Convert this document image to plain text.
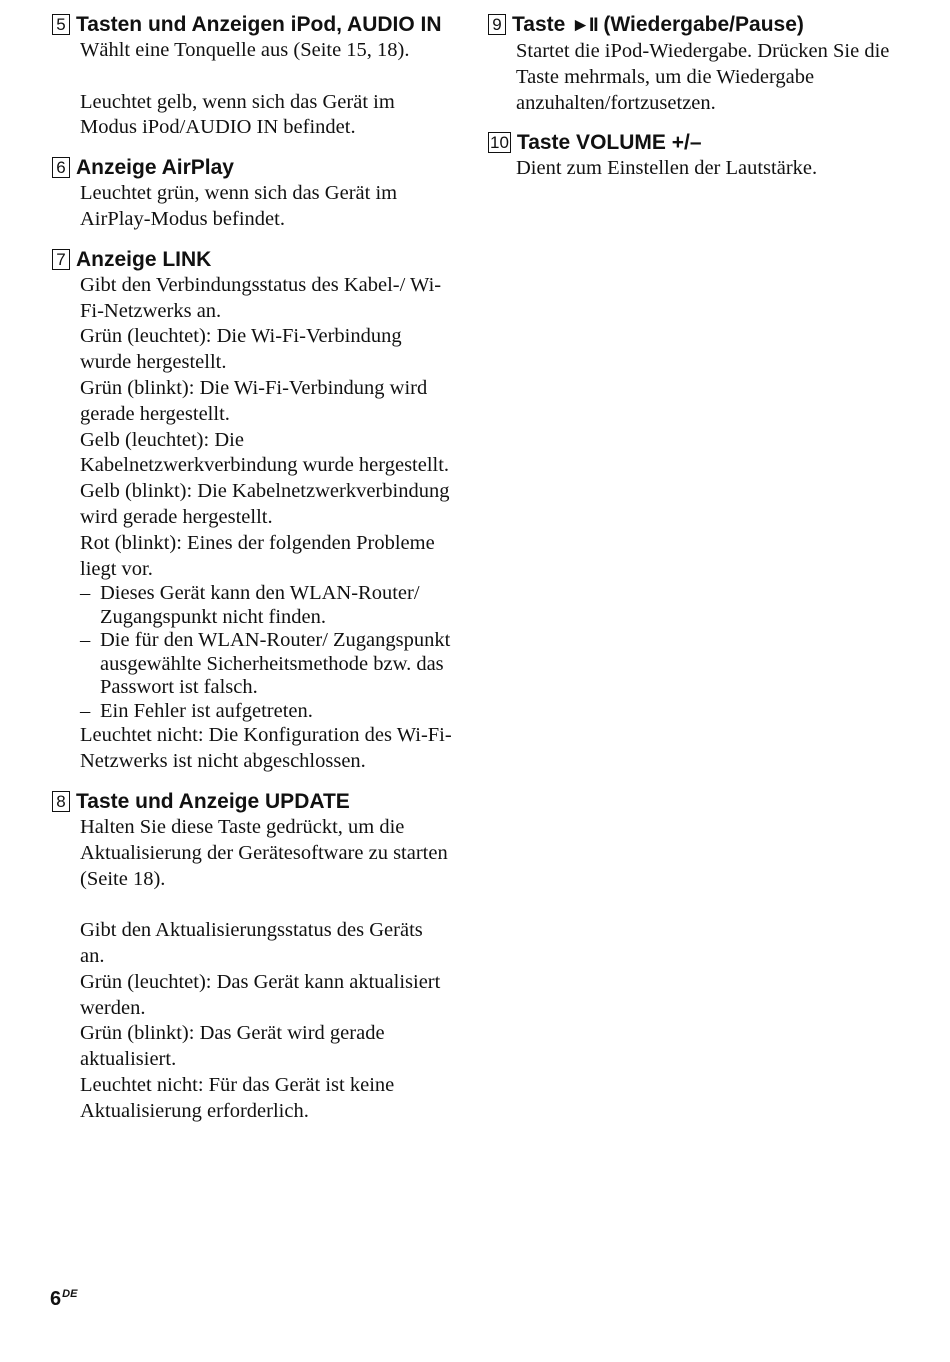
5 Tasten und Anzeigen iPod, AUDIO IN

Wählt eine Tonquelle aus (Seite 15, 18).

Leuchtet gelb, wenn sich das Gerät im Modus iPod/AUDIO IN befindet.

6 Anzeige AirPlay

Leuchtet grün, wenn sich das Gerät im AirPlay-Modus befindet.

7 Anzeige LINK

Gibt den Verbindungsstatus des Kabel-/ Wi-Fi-Netzwerks an.

Grün (leuchtet): Die Wi-Fi-Verbindung wurde hergestellt.

Grün (blinkt): Die Wi-Fi-Verbindung wird gerade hergestellt.

Gelb (leuchtet): Die Kabelnetzwerkverbindung wurde hergestellt.

Gelb (blinkt): Die Kabelnetzwerkverbindung wird gerade hergestellt.

Rot (blinkt): Eines der folgenden Probleme liegt vor.

– Dieses Gerät kann den WLAN-Router/ Zugangspunkt nicht finden.
– Die für den WLAN-Router/ Zugangspunkt ausgewählte Sicherheitsmethode bzw. das Passwort ist falsch.
– Ein Fehler ist aufgetreten.

Leuchtet nicht: Die Konfiguration des Wi-Fi-Netzwerks ist nicht abgeschlossen.

8 Taste und Anzeige UPDATE

Halten Sie diese Taste gedrückt, um die Aktualisierung der Gerätesoftware zu starten (Seite 18).

Gibt den Aktualisierungsstatus des Geräts an.

Grün (leuchtet): Das Gerät kann aktualisiert werden.

Grün (blinkt): Das Gerät wird gerade aktualisiert.

Leuchtet nicht: Für das Gerät ist keine Aktualisierung erforderlich.

9 Taste ►II (Wiedergabe/Pause)

Startet die iPod-Wiedergabe. Drücken Sie die Taste mehrmals, um die Wiedergabe anzuhalten/fortzusetzen.

10 Taste VOLUME +/–

Dient zum Einstellen der Lautstärke.

6DE
